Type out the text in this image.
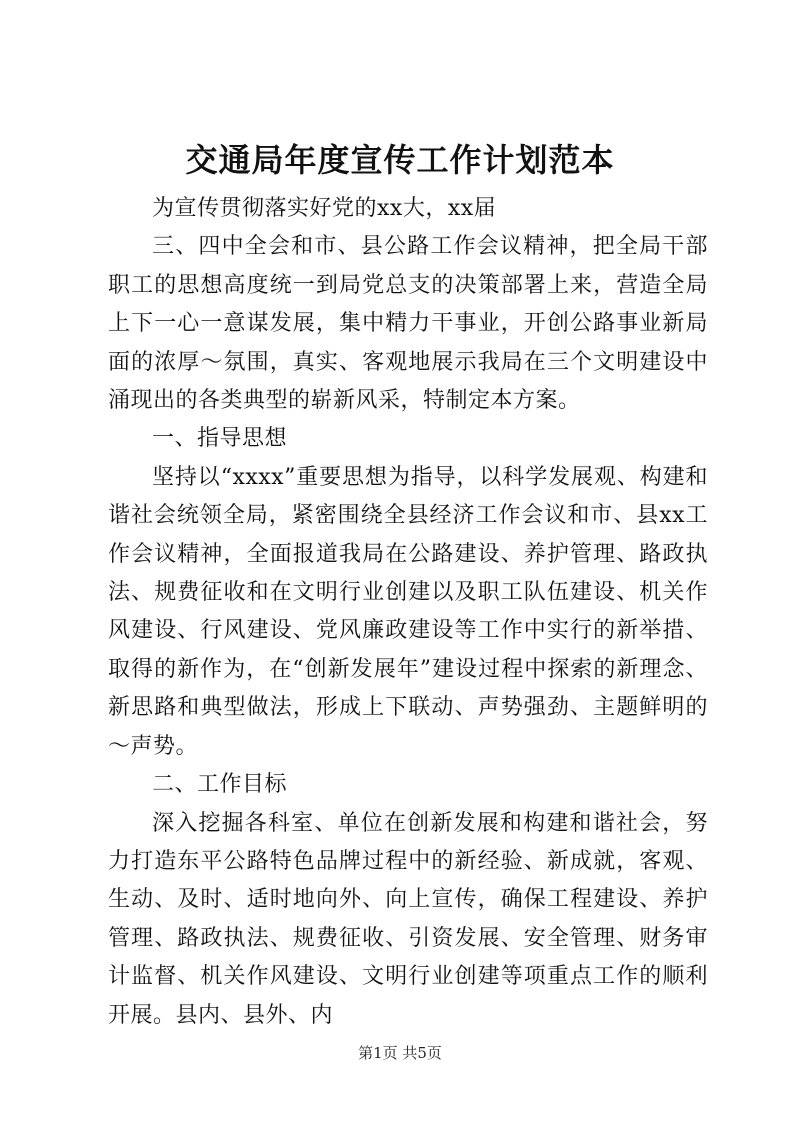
交通局年度宣传工作计划范本

为宣传贯彻落实好党的xx大，xx届

三、四中全会和市、县公路工作会议精神，把全局干部职工的思想高度统一到局党总支的决策部署上来，营造全局上下一心一意谋发展，集中精力干事业，开创公路事业新局面的浓厚～氛围，真实、客观地展示我局在三个文明建设中涌现出的各类典型的崭新风采，特制定本方案。

一、指导思想

坚持以“xxxx”重要思想为指导，以科学发展观、构建和谐社会统领全局，紧密围绕全县经济工作会议和市、县xx工作会议精神，全面报道我局在公路建设、养护管理、路政执法、规费征收和在文明行业创建以及职工队伍建设、机关作风建设、行风建设、党风廉政建设等工作中实行的新举措、取得的新作为，在“创新发展年”建设过程中探索的新理念、新思路和典型做法，形成上下联动、声势强劲、主题鲜明的～声势。

二、工作目标

深入挖掘各科室、单位在创新发展和构建和谐社会，努力打造东平公路特色品牌过程中的新经验、新成就，客观、生动、及时、适时地向外、向上宣传，确保工程建设、养护管理、路政执法、规费征收、引资发展、安全管理、财务审计监督、机关作风建设、文明行业创建等项重点工作的顺利开展。县内、县外、内

第1页 共5页
